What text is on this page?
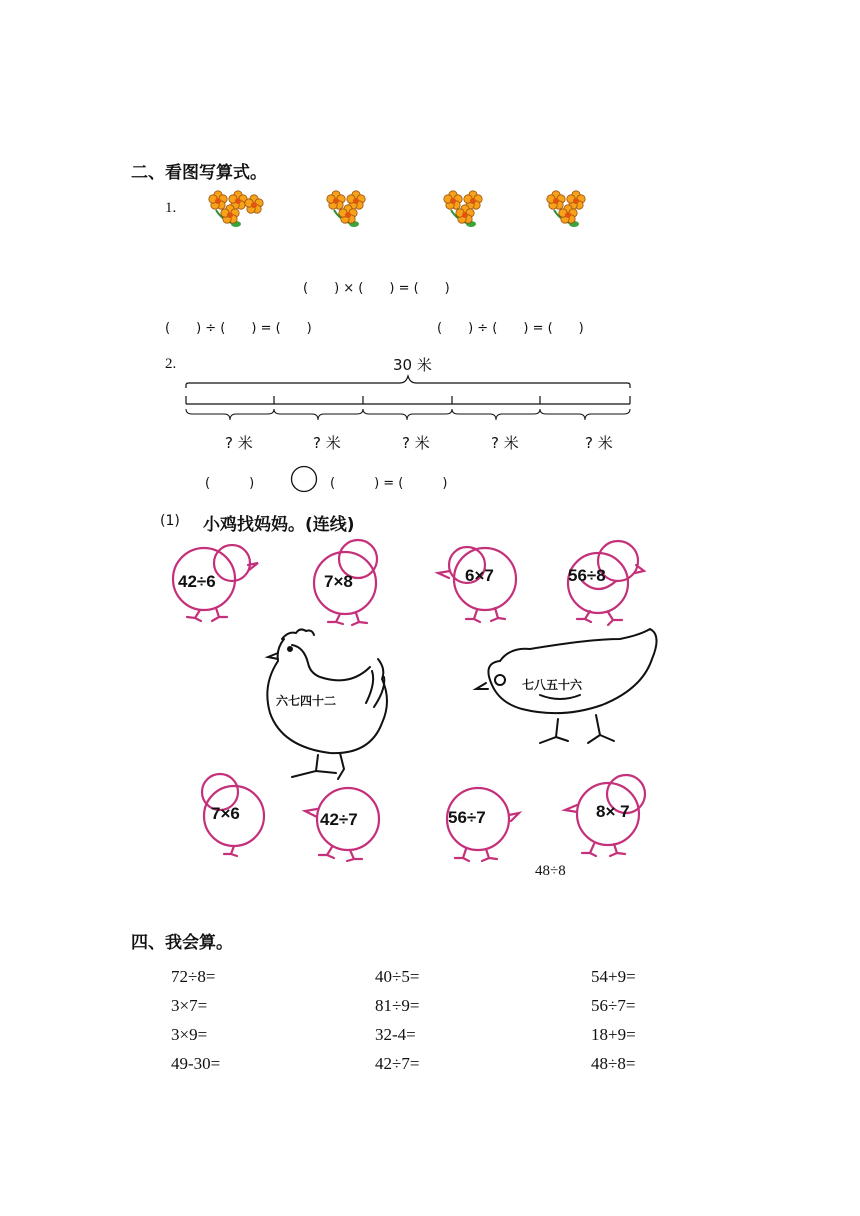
二、看图写算式。
1.
(　　) × (　　) = (　　)
(　　) ÷ (　　) = (　　)	(　　) ÷ (　　) = (　　)
2.	30 米
? 米	? 米	? 米	? 米	? 米
(　　　)	(　　　) = (　　　)
(1) 小鸡找妈妈。(连线)
42÷6	7×8	6×7	56÷8
7×6	42÷7	56÷7	8× 7
六七四十二
七八五十六
48÷8
四、我会算。
72÷8=	40÷5=	54+9=
3×7=	81÷9=	56÷7=
3×9=	32-4=	18+9=
49-30=	42÷7=	48÷8=
